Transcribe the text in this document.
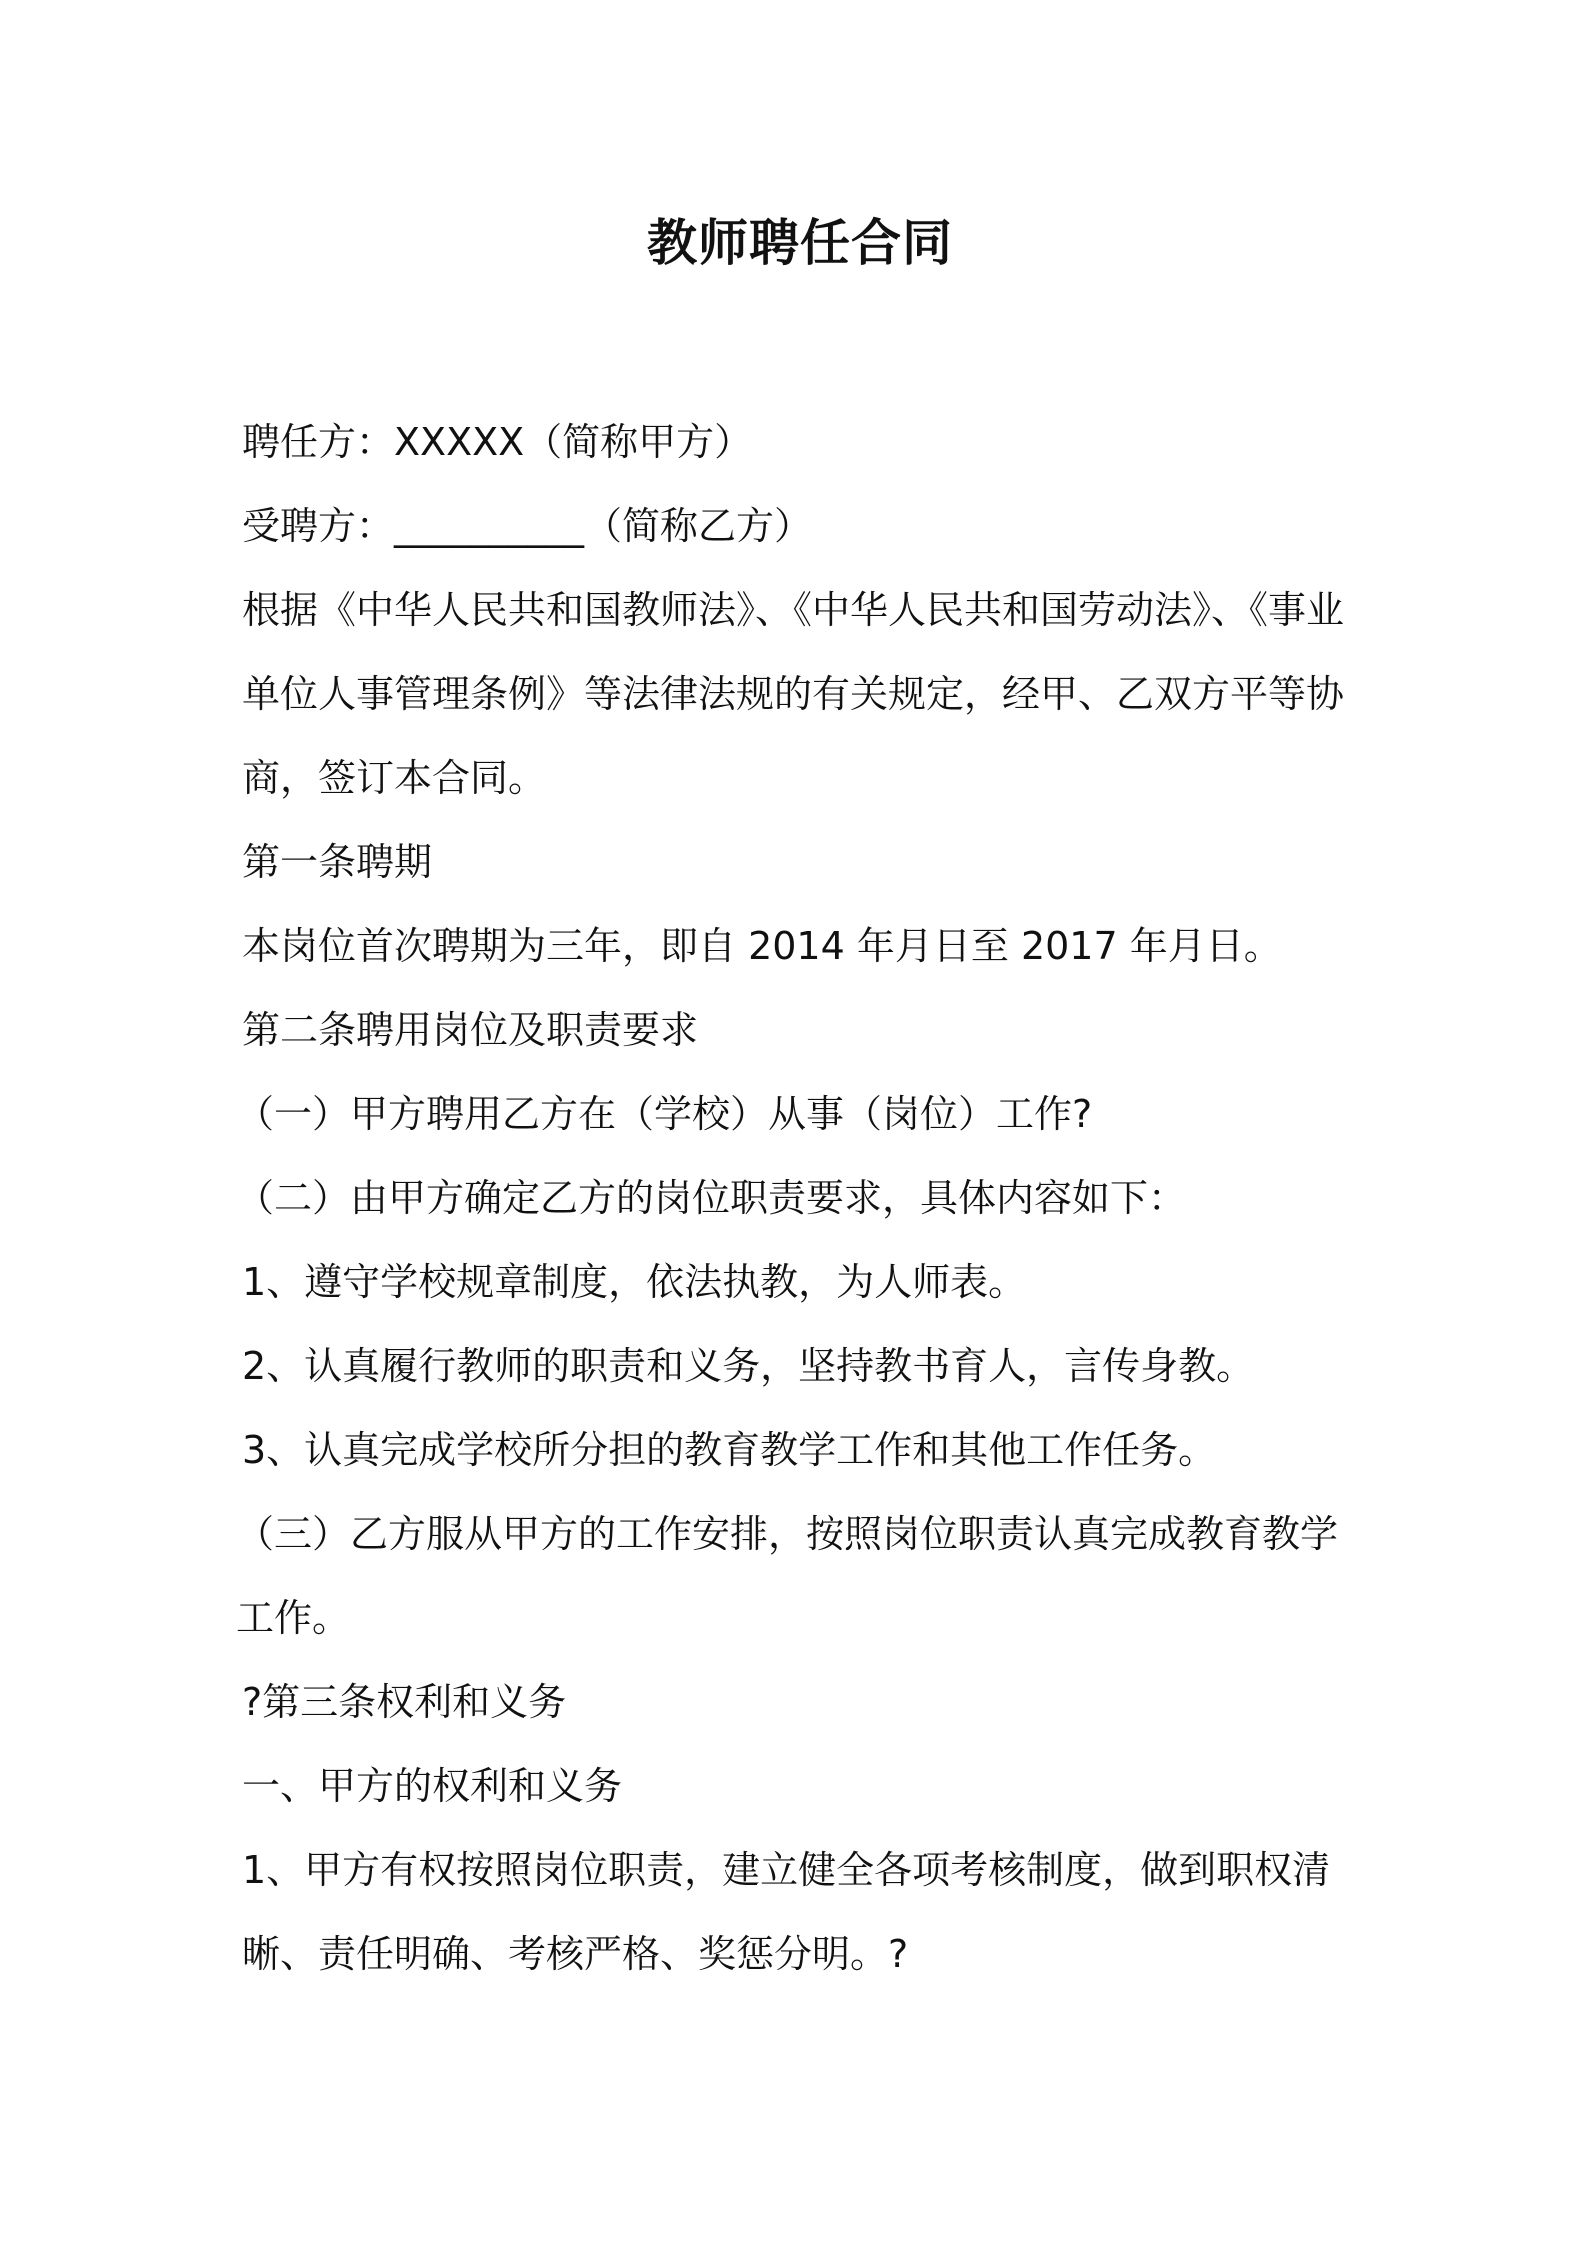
教师聘任合同
聘任方：XXXXX（简称甲方）
受聘方：__________（简称乙方）
根据《中华人民共和国教师法》、《中华人民共和国劳动法》、《事业单位人事管理条例》等法律法规的有关规定，经甲、乙双方平等协商，签订本合同。
第一条聘期
本岗位首次聘期为三年，即自 2014 年月日至 2017 年月日。
第二条聘用岗位及职责要求
（一）甲方聘用乙方在（学校）从事（岗位）工作?
（二）由甲方确定乙方的岗位职责要求，具体内容如下：
1、遵守学校规章制度，依法执教，为人师表。
2、认真履行教师的职责和义务，坚持教书育人，言传身教。
3、认真完成学校所分担的教育教学工作和其他工作任务。
（三）乙方服从甲方的工作安排，按照岗位职责认真完成教育教学工作。
?第三条权利和义务
一、甲方的权利和义务
1、甲方有权按照岗位职责，建立健全各项考核制度，做到职权清晰、责任明确、考核严格、奖惩分明。?
